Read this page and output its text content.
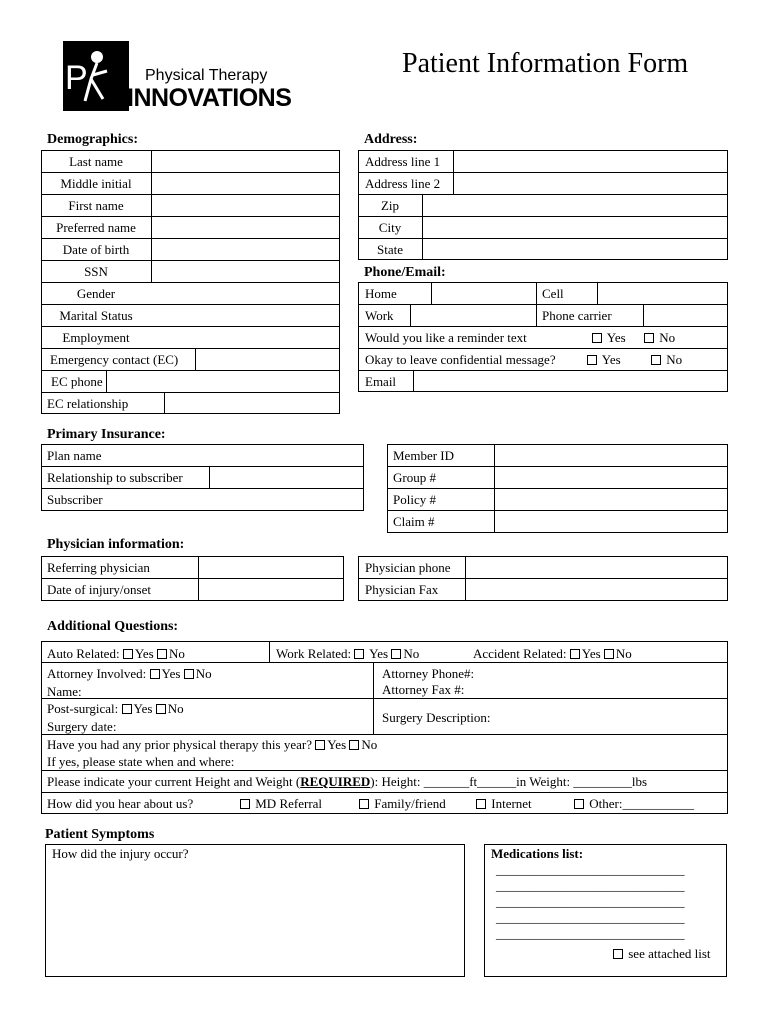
P	Physical Therapy
INNOVATIONS
Patient Information Form
Demographics:
Last name
Middle initial
First name
Preferred name
Date of birth
SSN
Gender
Marital Status
Employment
Emergency contact (EC)
EC phone
EC relationship
Address:
Address line 1
Address line 2
Zip
City
State
Phone/Email:
Home	Cell
Work	Phone carrier
Would you like a reminder text	Yes	No
Okay to leave confidential message?	Yes	No
Email
Primary Insurance:
Plan name
Relationship to subscriber
Subscriber
Member ID
Group #
Policy #
Claim #
Physician information:
Referring physician
Date of injury/onset
Physician phone
Physician Fax
Additional Questions:
Auto Related: Yes No	Work Related: Yes No	Accident Related: Yes No
Attorney Involved: Yes No
Name:
Attorney Phone#:
Attorney Fax #:
Post-surgical: Yes No
Surgery date:
Surgery Description:
Have you had any prior physical therapy this year? Yes No
If yes, please state when and where:
Please indicate your current Height and Weight (REQUIRED): Height: _______ft______in Weight: _________lbs
How did you hear about us?	MD Referral	Family/friend	Internet	Other:___________
Patient Symptoms
How did the injury occur?	Medications list:
_____________________________
_____________________________
_____________________________
_____________________________
_____________________________
see attached list
